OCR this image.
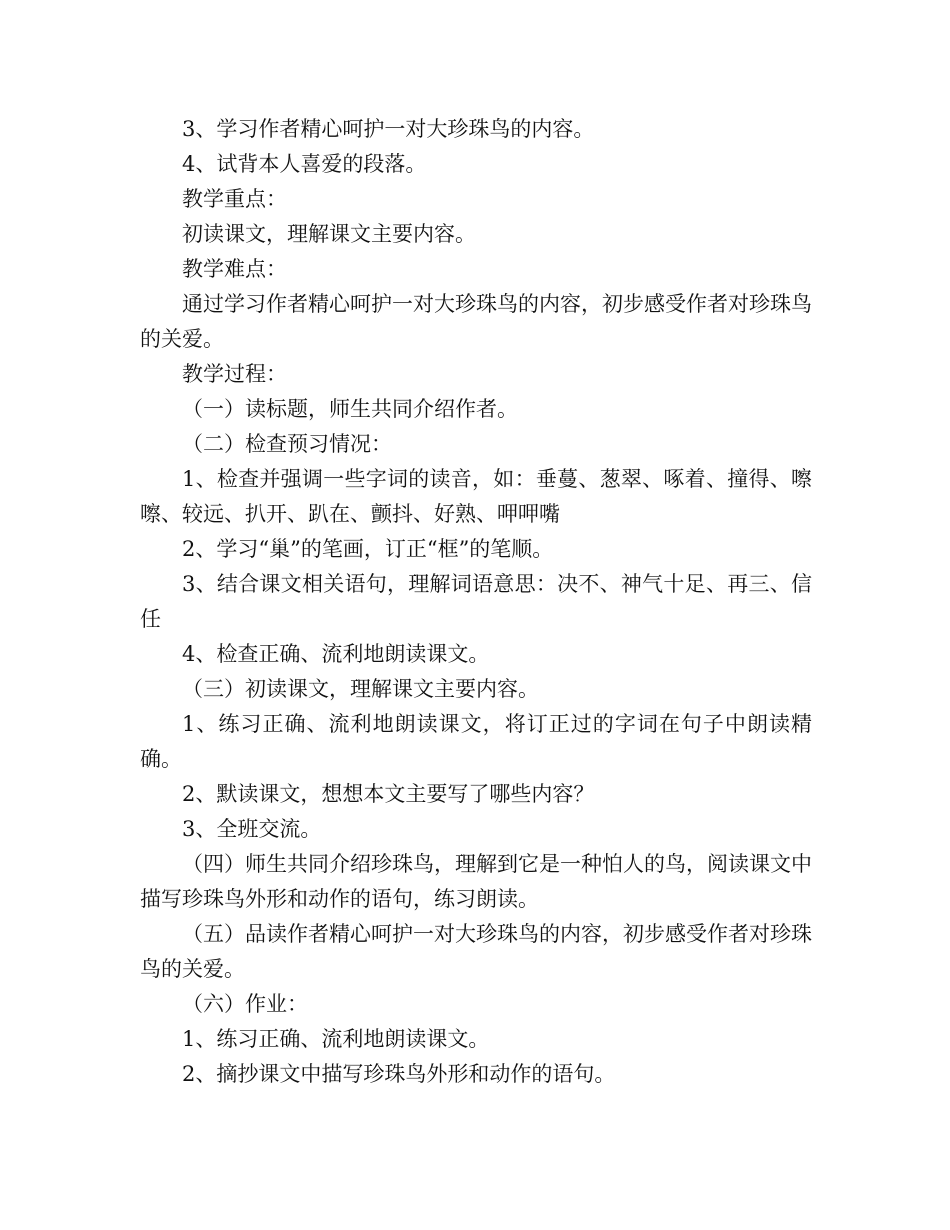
3、学习作者精心呵护一对大珍珠鸟的内容。

4、试背本人喜爱的段落。

教学重点：

初读课文，理解课文主要内容。

教学难点：

通过学习作者精心呵护一对大珍珠鸟的内容，初步感受作者对珍珠鸟的关爱。

教学过程：

（一）读标题，师生共同介绍作者。

（二）检查预习情况：

1、检查并强调一些字词的读音，如：垂蔓、葱翠、啄着、撞得、嚓嚓、较远、扒开、趴在、颤抖、好熟、呷呷嘴

2、学习“巢”的笔画，订正“框”的笔顺。

3、结合课文相关语句，理解词语意思：决不、神气十足、再三、信任

4、检查正确、流利地朗读课文。

（三）初读课文，理解课文主要内容。

1、练习正确、流利地朗读课文，将订正过的字词在句子中朗读精确。

2、默读课文，想想本文主要写了哪些内容？

3、全班交流。

（四）师生共同介绍珍珠鸟，理解到它是一种怕人的鸟，阅读课文中描写珍珠鸟外形和动作的语句，练习朗读。

（五）品读作者精心呵护一对大珍珠鸟的内容，初步感受作者对珍珠鸟的关爱。

（六）作业：

1、练习正确、流利地朗读课文。

2、摘抄课文中描写珍珠鸟外形和动作的语句。
